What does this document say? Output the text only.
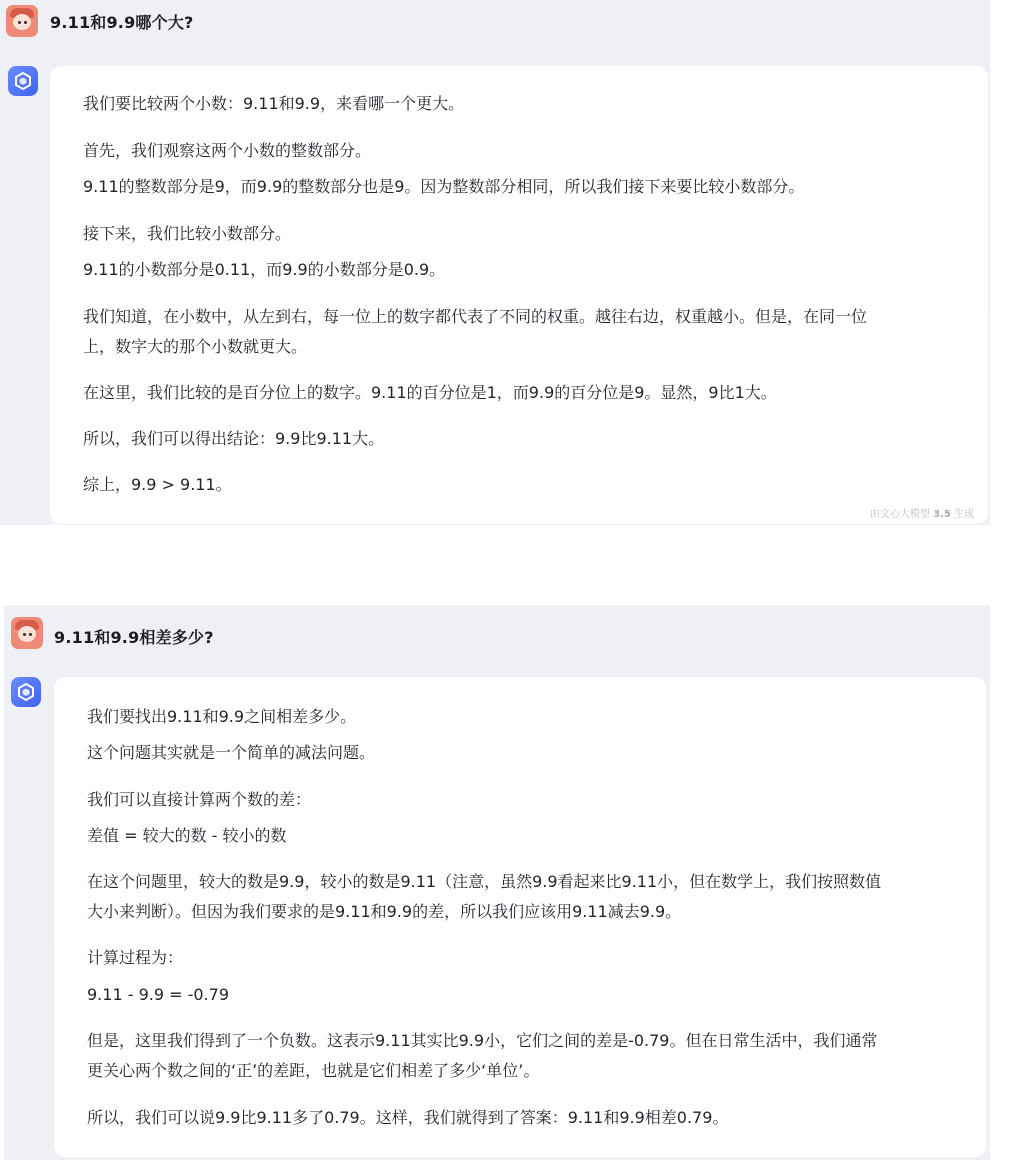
9.11和9.9哪个大?
我们要比较两个小数：9.11和9.9，来看哪一个更大。
首先，我们观察这两个小数的整数部分。
9.11的整数部分是9，而9.9的整数部分也是9。因为整数部分相同，所以我们接下来要比较小数部分。
接下来，我们比较小数部分。
9.11的小数部分是0.11，而9.9的小数部分是0.9。
我们知道，在小数中，从左到右，每一位上的数字都代表了不同的权重。越往右边，权重越小。但是，在同一位
上，数字大的那个小数就更大。
在这里，我们比较的是百分位上的数字。9.11的百分位是1，而9.9的百分位是9。显然，9比1大。
所以，我们可以得出结论：9.9比9.11大。
综上，9.9 > 9.11。
由文心大模型 3.5 生成
9.11和9.9相差多少?
我们要找出9.11和9.9之间相差多少。
这个问题其实就是一个简单的减法问题。
我们可以直接计算两个数的差：
差值 = 较大的数 - 较小的数
在这个问题里，较大的数是9.9，较小的数是9.11（注意，虽然9.9看起来比9.11小，但在数学上，我们按照数值
大小来判断）。但因为我们要求的是9.11和9.9的差，所以我们应该用9.11减去9.9。
计算过程为：
9.11 - 9.9 = -0.79
但是，这里我们得到了一个负数。这表示9.11其实比9.9小，它们之间的差是-0.79。但在日常生活中，我们通常
更关心两个数之间的‘正’的差距，也就是它们相差了多少‘单位’。
所以，我们可以说9.9比9.11多了0.79。这样，我们就得到了答案：9.11和9.9相差0.79。
